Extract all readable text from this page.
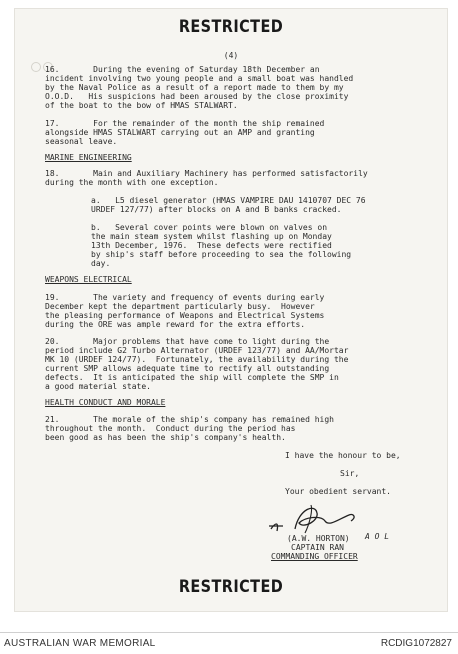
RESTRICTED
(4)
16.       During the evening of Saturday 18th December an
incident involving two young people and a small boat was handled
by the Naval Police as a result of a report made to them by my
O.O.D.   His suspicions had been aroused by the close proximity
of the boat to the bow of HMAS STALWART.
17.       For the remainder of the month the ship remained
alongside HMAS STALWART carrying out an AMP and granting
seasonal leave.
MARINE ENGINEERING
18.       Main and Auxiliary Machinery has performed satisfactorily
during the month with one exception.
a.   L5 diesel generator (HMAS VAMPIRE DAU 1410707 DEC 76
URDEF 127/77) after blocks on A and B banks cracked.
b.   Several cover points were blown on valves on
the main steam system whilst flashing up on Monday
13th December, 1976.  These defects were rectified
by ship's staff before proceeding to sea the following
day.
WEAPONS ELECTRICAL
19.       The variety and frequency of events during early
December kept the department particularly busy.  However
the pleasing performance of Weapons and Electrical Systems
during the ORE was ample reward for the extra efforts.
20.       Major problems that have come to light during the
period include G2 Turbo Alternator (URDEF 123/77) and AA/Mortar
MK 10 (URDEF 124/77).  Fortunately, the availability during the
current SMP allows adequate time to rectify all outstanding
defects.  It is anticipated the ship will complete the SMP in
a good material state.
HEALTH CONDUCT AND MORALE
21.       The morale of the ship's company has remained high
throughout the month.  Conduct during the period has
been good as has been the ship's company's health.
I have the honour to be,
Sir,
Your obedient servant.
A O L
(A.W. HORTON)
CAPTAIN RAN
COMMANDING OFFICER
RESTRICTED
AUSTRALIAN WAR MEMORIAL	RCDIG1072827
